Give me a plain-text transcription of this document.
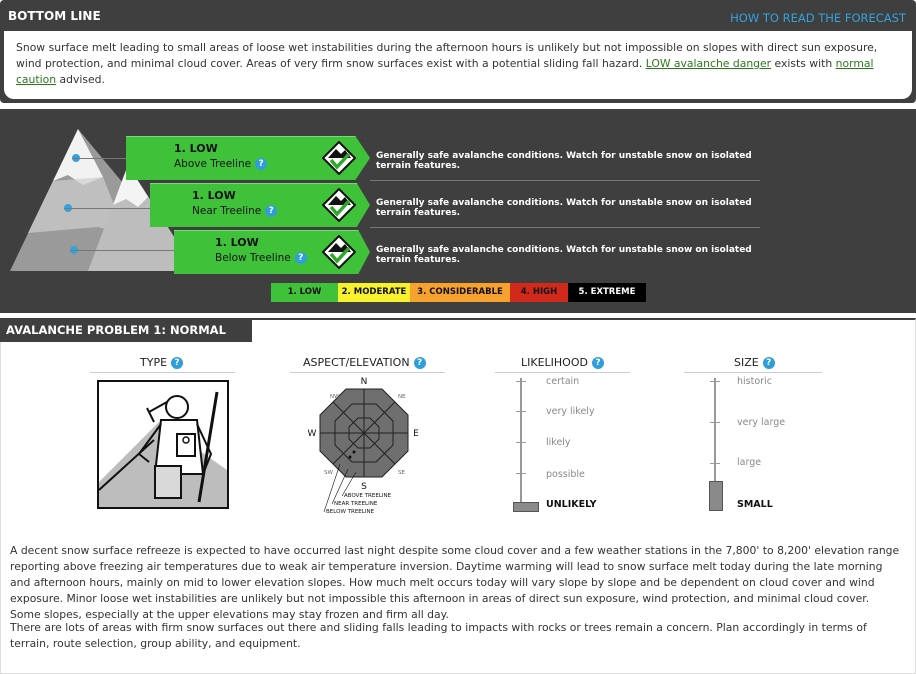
BOTTOM LINE	HOW TO READ THE FORECAST
Snow surface melt leading to small areas of loose wet instabilities during the afternoon hours is unlikely but not impossible on slopes with direct sun exposure, wind protection, and minimal cloud cover. Areas of very firm snow surfaces exist with a potential sliding fall hazard. LOW avalanche danger exists with normal caution advised.
1. LOW
Above Treeline ?
Generally safe avalanche conditions. Watch for unstable snow on isolated terrain features.
1. LOW
Near Treeline ?
Generally safe avalanche conditions. Watch for unstable snow on isolated terrain features.
1. LOW
Below Treeline ?
Generally safe avalanche conditions. Watch for unstable snow on isolated terrain features.
1. LOW	2. MODERATE	3. CONSIDERABLE	4. HIGH	5. EXTREME
AVALANCHE PROBLEM 1: NORMAL CAUTION
TYPE ?	ASPECT/ELEVATION ?	LIKELIHOOD ?	SIZE ?
N
S
W	E
NW	NE
SW	SE
ABOVE TREELINE
NEAR TREELINE
BELOW TREELINE
certain
very likely
likely
possible
UNLIKELY
historic
very large
large
SMALL
A decent snow surface refreeze is expected to have occurred last night despite some cloud cover and a few weather stations in the 7,800' to 8,200' elevation range reporting above freezing air temperatures due to weak air temperature inversion. Daytime warming will lead to snow surface melt today during the late morning and afternoon hours, mainly on mid to lower elevation slopes. How much melt occurs today will vary slope by slope and be dependent on cloud cover and wind exposure. Minor loose wet instabilities are unlikely but not impossible this afternoon in areas of direct sun exposure, wind protection, and minimal cloud cover. Some slopes, especially at the upper elevations may stay frozen and firm all day.
There are lots of areas with firm snow surfaces out there and sliding falls leading to impacts with rocks or trees remain a concern. Plan accordingly in terms of terrain, route selection, group ability, and equipment.
